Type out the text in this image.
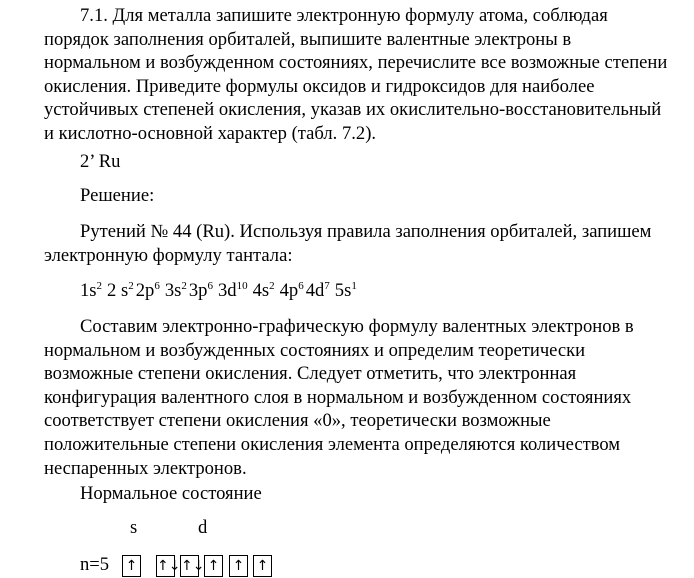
7.1. Для металла запишите электронную формулу атома, соблюдая порядок заполнения орбиталей, выпишите валентные электроны в нормальном и возбужденном состояниях, перечислите все возможные степени окисления. Приведите формулы оксидов и гидроксидов для наиболее устойчивых степеней окисления, указав их окислительно-восстановительный и кислотно-основной характер (табл. 7.2).

2’ Ru

Решение:

Рутений № 44 (Ru). Используя правила заполнения орбиталей, запишем электронную формулу тантала:

$1s^2$ 2 $s^2$ $2p^6$ $3s^2$ $3p^6$ $3d^{10}$ $4s^2$ $4p^6$ $4d^7$ $5s^1$

Составим электронно-графическую формулу валентных электронов в нормальном и возбужденных состояниях и определим теоретически возможные степени окисления. Следует отметить, что электронная конфигурация валентного слоя в нормальном и возбужденном состояниях соответствует степени окисления «0», теоретически возможные положительные степени окисления элемента определяются количеством неспаренных электронов.

Нормальное состояние

s	d
n=5 ↑ ↑↓ ↑↓ ↑ ↑ ↑
